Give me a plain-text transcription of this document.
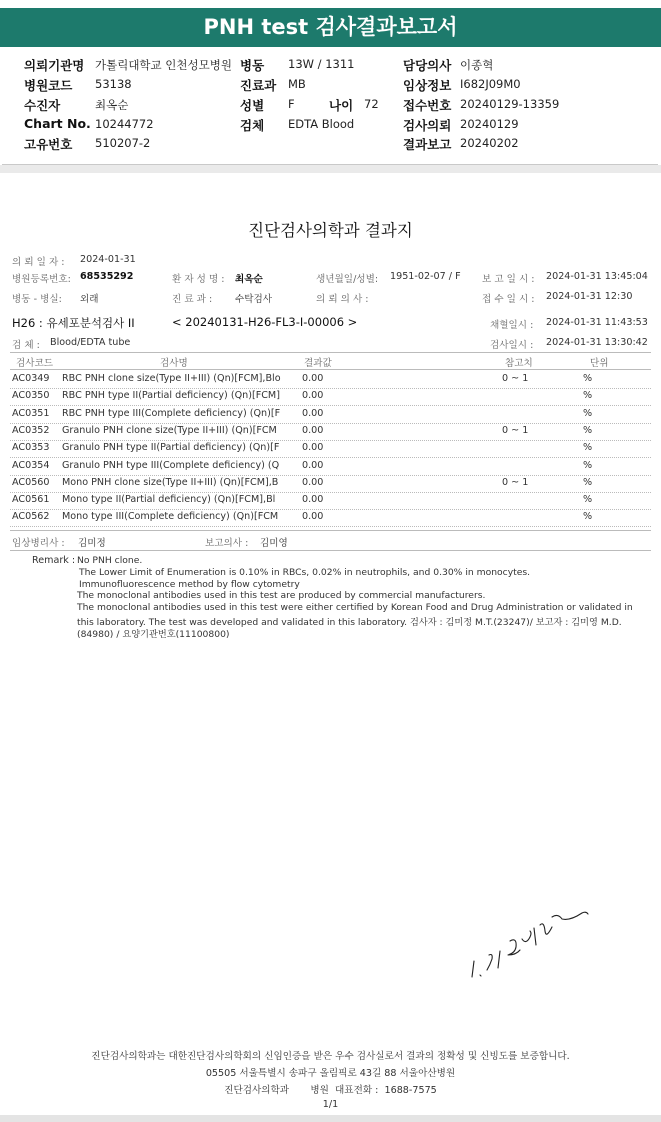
PNH test 검사결과보고서
의뢰기관명 가톨릭대학교 인천성모병원 병동 13W / 1311	담당의사 이종혁
병원코드 53138	진료과 MB	임상정보 I682J09M0
수진자	최옥순	성별 F	나이 72 접수번호 20240129-13359
Chart No. 10244772	검체 EDTA Blood	검사의뢰 20240129
고유번호 510207-2	결과보고 20240202
진단검사의학과 결과지
의 뢰 일 자 : 2024-01-31
병원등록번호: 68535292	환 자 성 명 : 최옥순	생년월일/성별: 1951-02-07 / F 보 고 일 시 : 2024-01-31 13:45:04
병동 - 병실: 외래	진 료 과 : 수탁검사	의 뢰 의 사 :	접 수 일 시 : 2024-01-31 12:30
H26 : 유세포분석검사 II	< 20240131-H26-FL3-I-00006 >	채혈일시 : 2024-01-31 11:43:53
검 체 : Blood/EDTA tube	검사일시 : 2024-01-31 13:30:42
검사코드	검사명	결과값	참고치	단위
AC0349 RBC PNH clone size(Type II+III) (Qn)[FCM],Blo 0.00	0 ~ 1	%
AC0350 RBC PNH type II(Partial deficiency) (Qn)[FCM] 0.00	%
AC0351 RBC PNH type III(Complete deficiency) (Qn)[F 0.00	%
AC0352 Granulo PNH clone size(Type II+III) (Qn)[FCM	0.00	0 ~ 1	%
AC0353 Granulo PNH type II(Partial deficiency) (Qn)[F 0.00	%
AC0354 Granulo PNH type III(Complete deficiency) (Q 0.00	%
AC0560 Mono PNH clone size(Type II+III) (Qn)[FCM],B 0.00	0 ~ 1	%
AC0561 Mono type II(Partial deficiency) (Qn)[FCM],Bl	0.00	%
AC0562 Mono type III(Complete deficiency) (Qn)[FCM 0.00	%
임상병리사 : 김미정	보고의사 : 김미영
Remark : No PNH clone.
The Lower Limit of Enumeration is 0.10% in RBCs, 0.02% in neutrophils, and 0.30% in monocytes.
Immunofluorescence method by flow cytometry
The monoclonal antibodies used in this test are produced by commercial manufacturers.
The monoclonal antibodies used in this test were either certified by Korean Food and Drug Administration or validated in
this laboratory. The test was developed and validated in this laboratory. 검사자 : 김미정 M.T.(23247)/ 보고자 : 김미영 M.D.
(84980) / 요양기관번호(11100800)
진단검사의학과는 대한진단검사의학회의 신임인증을 받은 우수 검사실로서 결과의 정확성 및 신빙도를 보증합니다.
05505 서울특별시 송파구 올림픽로 43길 88 서울아산병원
진단검사의학과       병원  대표전화 :  1688-7575
1/1
